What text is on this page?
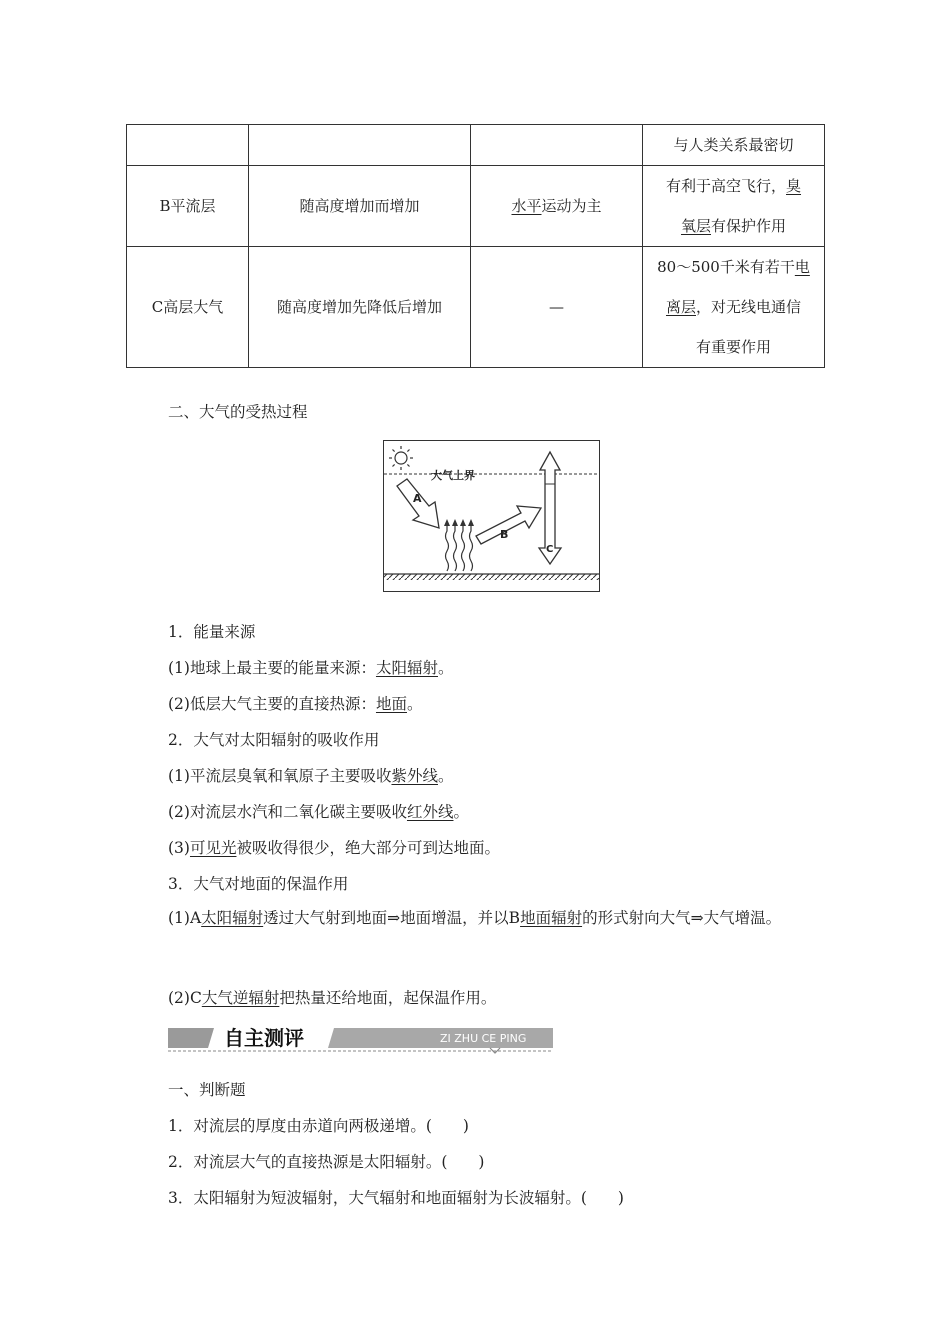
			与人类关系最密切
B平流层	随高度增加而增加	水平运动为主	有利于高空飞行，臭
氧层有保护作用

C高层大气	随高度增加先降低后增加	—	80～500千米有若干电
离层，对无线电通信
有重要作用
二、大气的受热过程
大气上界
A
B
C
1．能量来源
(1)地球上最主要的能量来源：太阳辐射。
(2)低层大气主要的直接热源：地面。
2．大气对太阳辐射的吸收作用
(1)平流层臭氧和氧原子主要吸收紫外线。
(2)对流层水汽和二氧化碳主要吸收红外线。
(3)可见光被吸收得很少，绝大部分可到达地面。
3．大气对地面的保温作用
(1)A太阳辐射透过大气射到地面⇒地面增温，并以B地面辐射的形式射向大气⇒大气增温。
(2)C大气逆辐射把热量还给地面，起保温作用。
自主测评	ZI ZHU CE PING
一、判断题
1．对流层的厚度由赤道向两极递增。(　　)
2．对流层大气的直接热源是太阳辐射。(　　)
3．太阳辐射为短波辐射，大气辐射和地面辐射为长波辐射。(　　)
